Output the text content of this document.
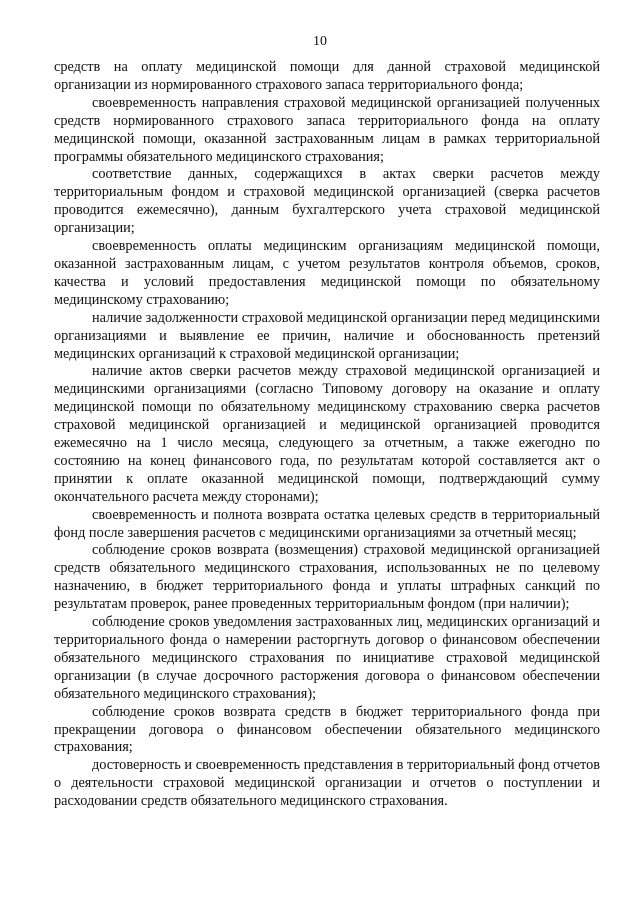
10

средств на оплату медицинской помощи для данной страховой медицинской организации из нормированного страхового запаса территориального фонда;

своевременность направления страховой медицинской организацией полученных средств нормированного страхового запаса территориального фонда на оплату медицинской помощи, оказанной застрахованным лицам в рамках территориальной программы обязательного медицинского страхования;

соответствие данных, содержащихся в актах сверки расчетов между территориальным фондом и страховой медицинской организацией (сверка расчетов проводится ежемесячно), данным бухгалтерского учета страховой медицинской организации;

своевременность оплаты медицинским организациям медицинской помощи, оказанной застрахованным лицам, с учетом результатов контроля объемов, сроков, качества и условий предоставления медицинской помощи по обязательному медицинскому страхованию;

наличие задолженности страховой медицинской организации перед медицинскими организациями и выявление ее причин, наличие и обоснованность претензий медицинских организаций к страховой медицинской организации;

наличие актов сверки расчетов между страховой медицинской организацией и медицинскими организациями (согласно Типовому договору на оказание и оплату медицинской помощи по обязательному медицинскому страхованию сверка расчетов страховой медицинской организацией и медицинской организацией проводится ежемесячно на 1 число месяца, следующего за отчетным, а также ежегодно по состоянию на конец финансового года, по результатам которой составляется акт о принятии к оплате оказанной медицинской помощи, подтверждающий сумму окончательного расчета между сторонами);

своевременность и полнота возврата остатка целевых средств в территориальный фонд после завершения расчетов с медицинскими организациями за отчетный месяц;

соблюдение сроков возврата (возмещения) страховой медицинской организацией средств обязательного медицинского страхования, использованных не по целевому назначению, в бюджет территориального фонда и уплаты штрафных санкций по результатам проверок, ранее проведенных территориальным фондом (при наличии);

соблюдение сроков уведомления застрахованных лиц, медицинских организаций и территориального фонда о намерении расторгнуть договор о финансовом обеспечении обязательного медицинского страхования по инициативе страховой медицинской организации (в случае досрочного расторжения договора о финансовом обеспечении обязательного медицинского страхования);

соблюдение сроков возврата средств в бюджет территориального фонда при прекращении договора о финансовом обеспечении обязательного медицинского страхования;

достоверность и своевременность представления в территориальный фонд отчетов о деятельности страховой медицинской организации и отчетов о поступлении и расходовании средств обязательного медицинского страхования.
